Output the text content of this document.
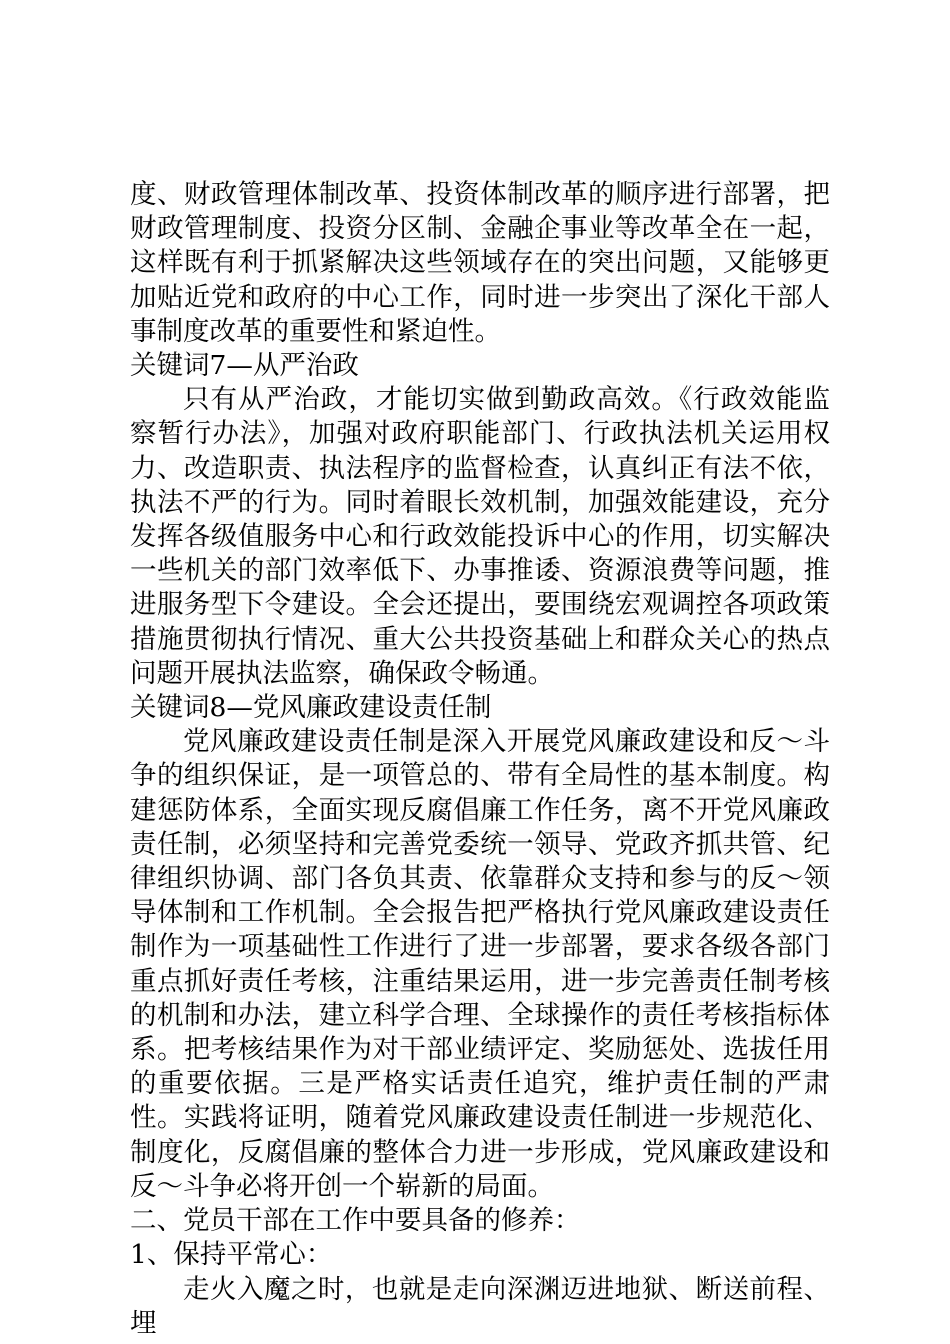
度、财政管理体制改革、投资体制改革的顺序进行部署，把财政管理制度、投资分区制、金融企事业等改革全在一起，这样既有利于抓紧解决这些领域存在的突出问题，又能够更加贴近党和政府的中心工作，同时进一步突出了深化干部人事制度改革的重要性和紧迫性。

关键词7—从严治政

只有从严治政，才能切实做到勤政高效。《行政效能监察暂行办法》，加强对政府职能部门、行政执法机关运用权力、改造职责、执法程序的监督检查，认真纠正有法不依，执法不严的行为。同时着眼长效机制，加强效能建设，充分发挥各级值服务中心和行政效能投诉中心的作用，切实解决一些机关的部门效率低下、办事推诿、资源浪费等问题，推进服务型下令建设。全会还提出，要围绕宏观调控各项政策措施贯彻执行情况、重大公共投资基础上和群众关心的热点问题开展执法监察，确保政令畅通。

关键词8—党风廉政建设责任制

党风廉政建设责任制是深入开展党风廉政建设和反～斗争的组织保证，是一项管总的、带有全局性的基本制度。构建惩防体系，全面实现反腐倡廉工作任务，离不开党风廉政责任制，必须坚持和完善党委统一领导、党政齐抓共管、纪律组织协调、部门各负其责、依靠群众支持和参与的反～领导体制和工作机制。全会报告把严格执行党风廉政建设责任制作为一项基础性工作进行了进一步部署，要求各级各部门重点抓好责任考核，注重结果运用，进一步完善责任制考核的机制和办法，建立科学合理、全球操作的责任考核指标体系。把考核结果作为对干部业绩评定、奖励惩处、选拔任用的重要依据。三是严格实话责任追究，维护责任制的严肃性。实践将证明，随着党风廉政建设责任制进一步规范化、制度化，反腐倡廉的整体合力进一步形成，党风廉政建设和反～斗争必将开创一个崭新的局面。

二、党员干部在工作中要具备的修养：

1、保持平常心：

走火入魔之时，也就是走向深渊迈进地狱、断送前程、埋
